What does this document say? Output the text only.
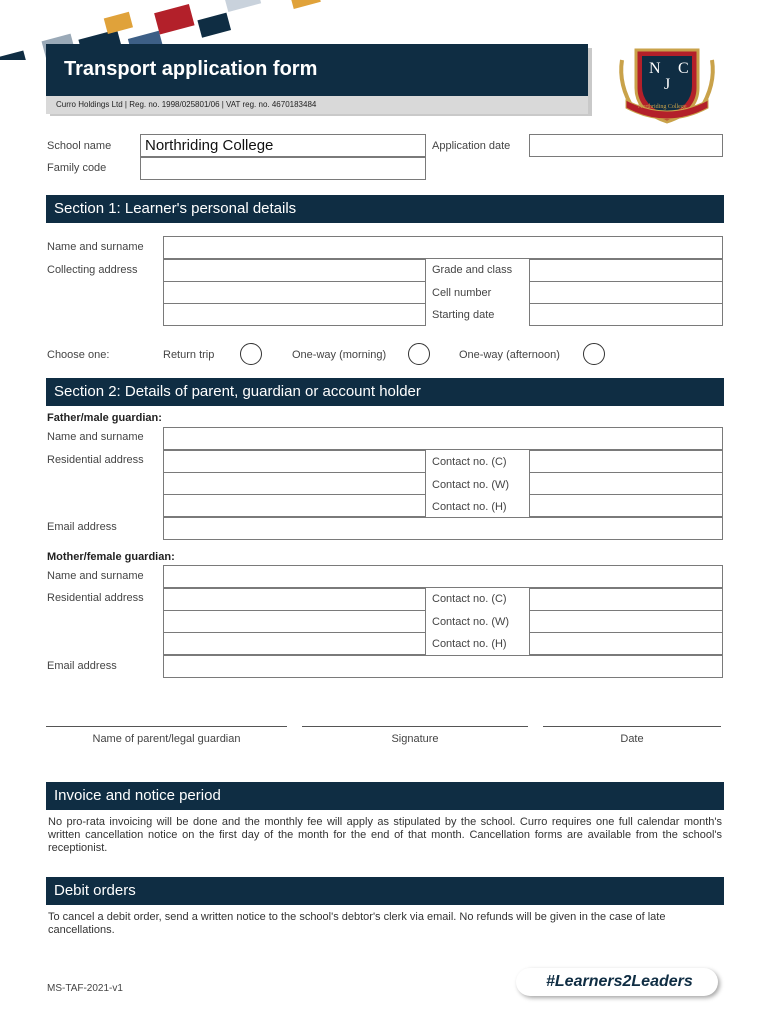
Transport application form
Curro Holdings Ltd | Reg. no. 1998/025801/06 | VAT reg. no. 4670183484
N
J
C
Northriding College
School name Northriding College
Family code
Application date
Section 1: Learner's personal details
Name and surname
Collecting address	Grade and class
Cell number
Starting date
Choose one:	Return trip	One-way (morning)	One-way (afternoon)
Section 2: Details of parent, guardian or account holder
Father/male guardian:
Name and surname
Residential address	Contact no. (C)
Contact no. (W)
Contact no. (H)
Email address
Mother/female guardian:
Name and surname
Residential address	Contact no. (C)
Contact no. (W)
Contact no. (H)
Email address
Name of parent/legal guardian	Signature	Date
Invoice and notice period
No pro-rata invoicing will be done and the monthly fee will apply as stipulated by the school. Curro requires one full calendar month's written cancellation notice on the first day of the month for the end of that month. Cancellation forms are available from the school's receptionist.
Debit orders
To cancel a debit order, send a written notice to the school's debtor's clerk via email. No refunds will be given in the case of late cancellations.
MS-TAF-2021-v1	#Learners2Leaders
